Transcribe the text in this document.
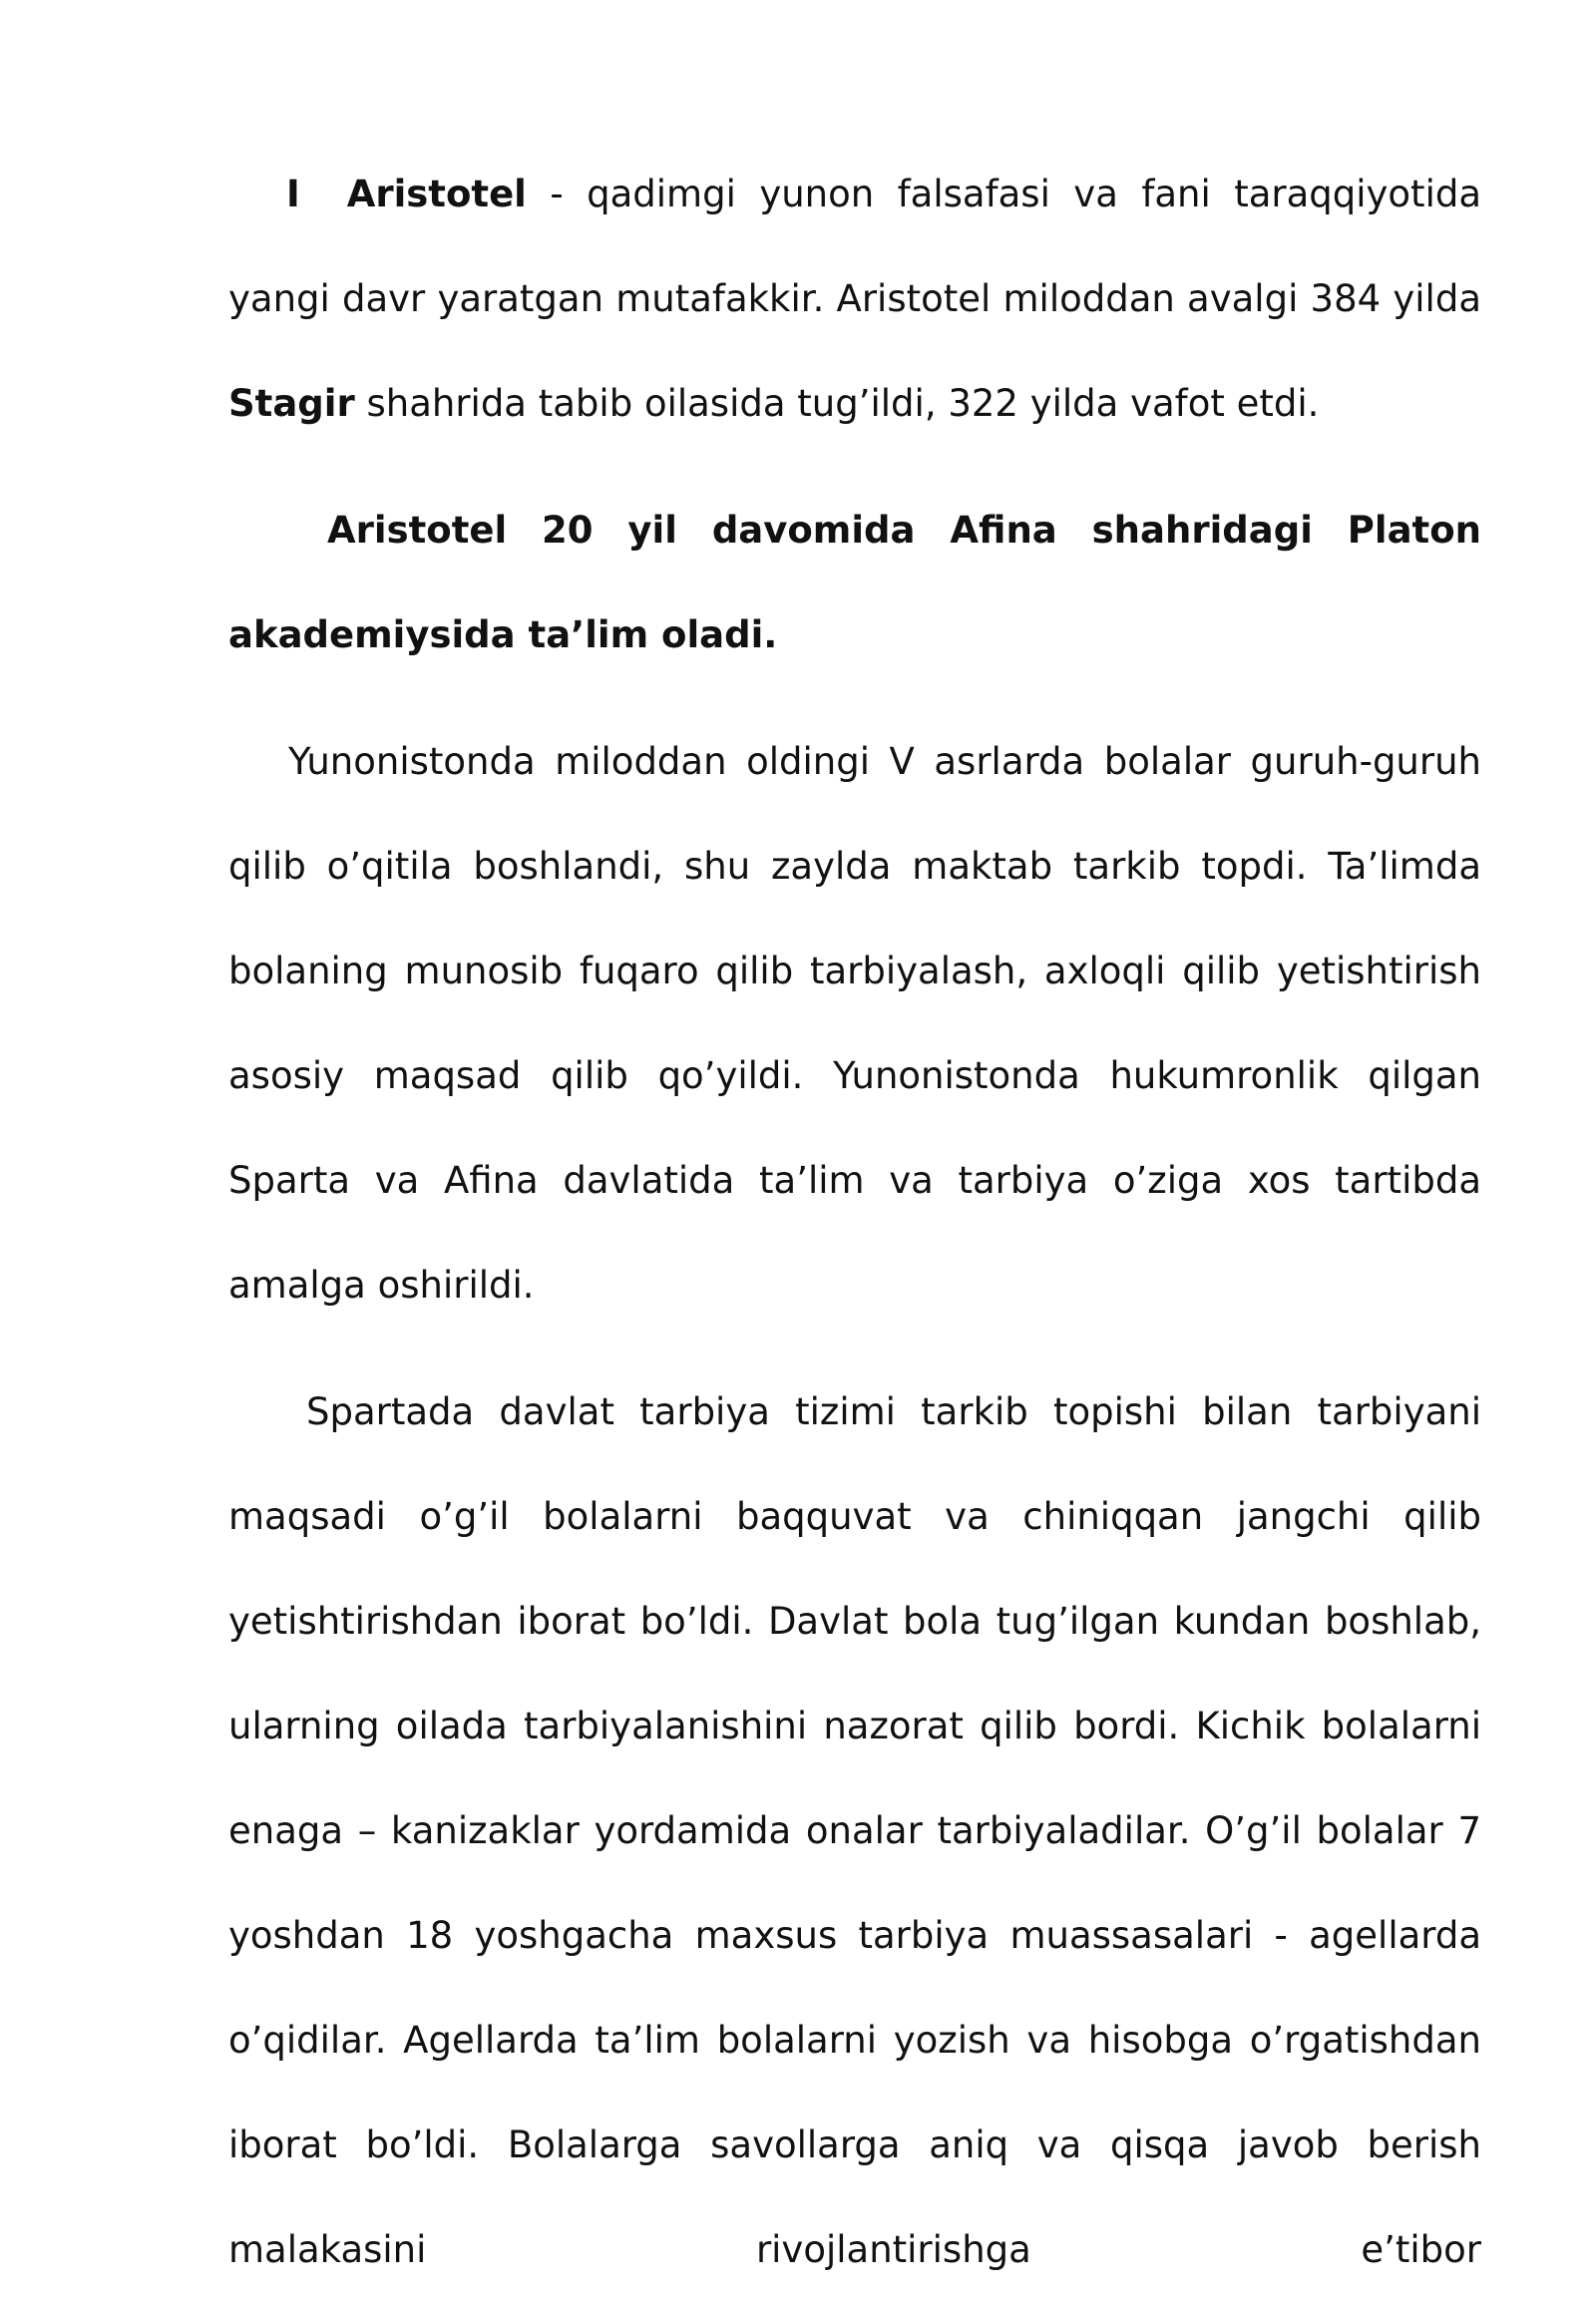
I Aristotel - qadimgi yunon falsafasi va fani taraqqiyotida yangi davr yaratgan mutafakkir. Aristotel miloddan avalgi 384 yilda Stagir shahrida tabib oilasida tug’ildi, 322 yilda vafot etdi.

Aristotel 20 yil davomida Afina shahridagi Platon akademiysida ta’lim oladi.

Yunonistonda miloddan oldingi V asrlarda bolalar guruh-guruh qilib o’qitila boshlandi, shu zaylda maktab tarkib topdi. Ta’limda bolaning munosib fuqaro qilib tarbiyalash, axloqli qilib yetishtirish asosiy maqsad qilib qo’yildi. Yunonistonda hukumronlik qilgan Sparta va Afina davlatida ta’lim va tarbiya o’ziga xos tartibda amalga oshirildi.

Spartada davlat tarbiya tizimi tarkib topishi bilan tarbiyani maqsadi o’g’il bolalarni baqquvat va chiniqqan jangchi qilib yetishtirishdan iborat bo’ldi. Davlat bola tug’ilgan kundan boshlab, ularning oilada tarbiyalanishini nazorat qilib bordi. Kichik bolalarni enaga – kanizaklar yordamida onalar tarbiyaladilar. O’g’il bolalar 7 yoshdan 18 yoshgacha maxsus tarbiya muassasalari - agellarda o’qidilar. Agellarda ta’lim bolalarni yozish va hisobga o’rgatishdan iborat bo’ldi. Bolalarga savollarga aniq va qisqa javob berish malakasini rivojlantirishga e’tibor
